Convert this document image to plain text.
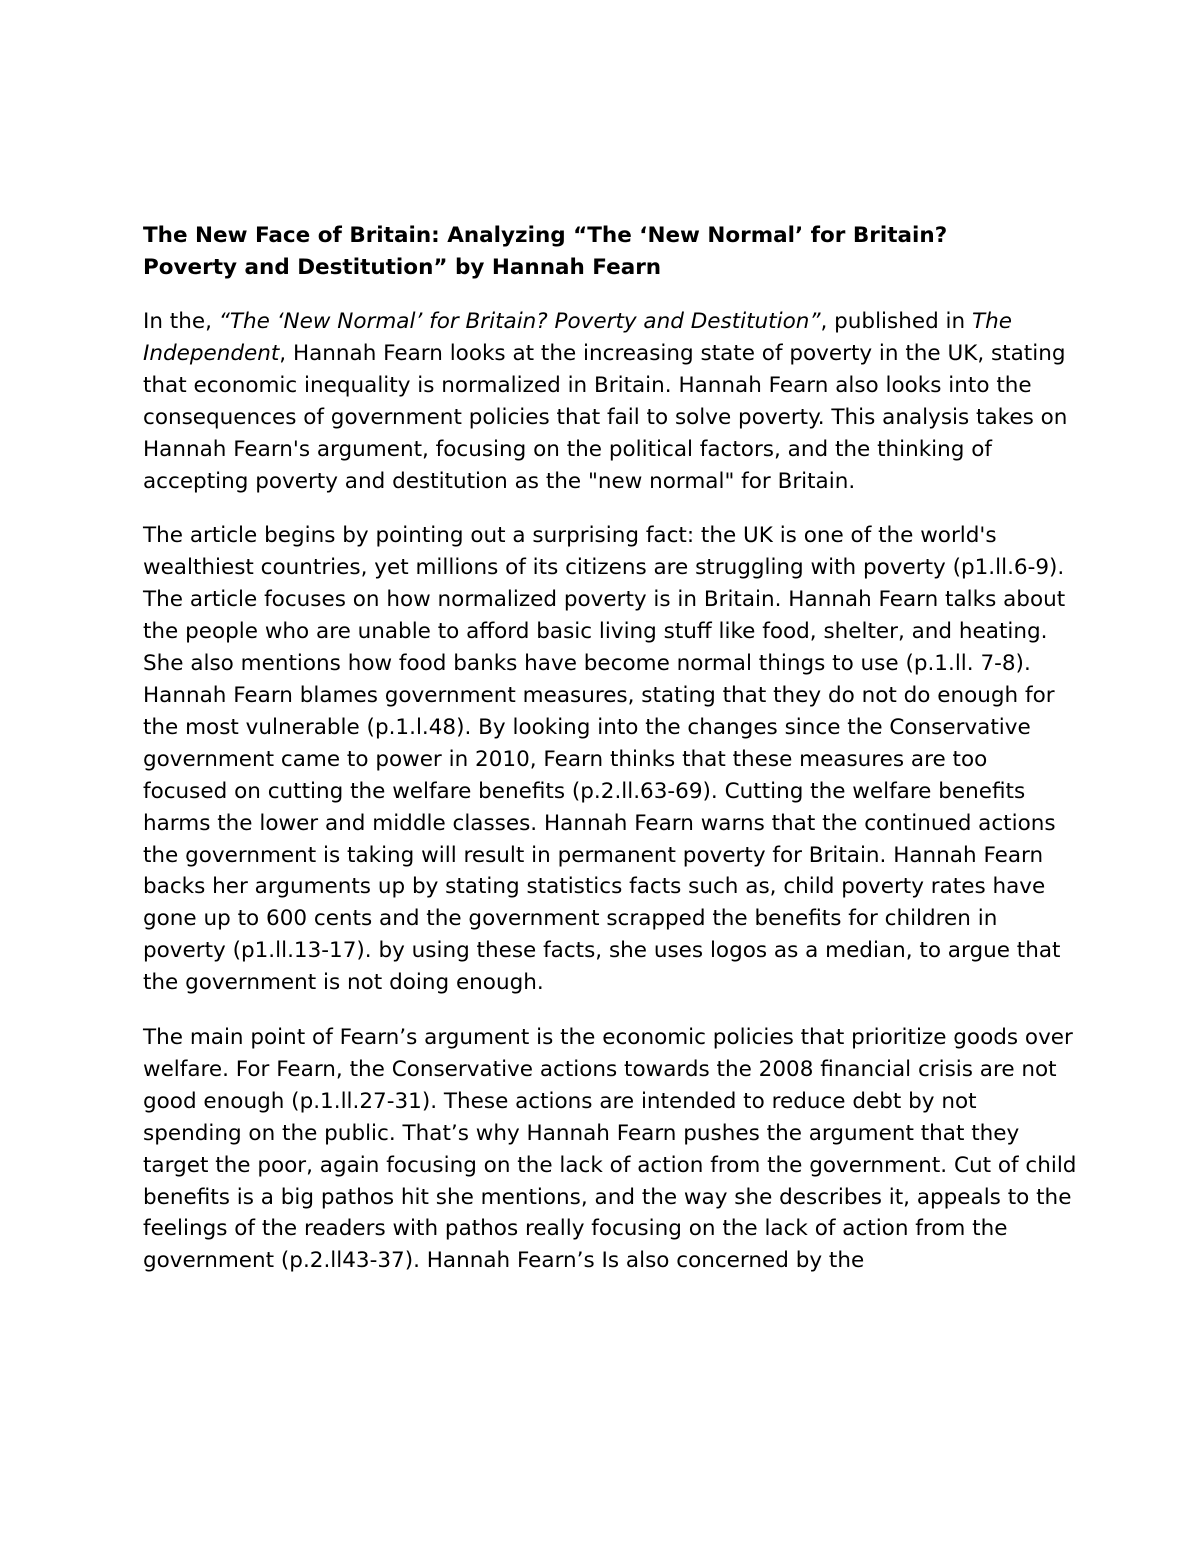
The New Face of Britain: Analyzing “The ‘New Normal’ for Britain?
Poverty and Destitution” by Hannah Fearn

In the, “The ‘New Normal’ for Britain? Poverty and Destitution”, published in The Independent, Hannah Fearn looks at the increasing state of poverty in the UK, stating that economic inequality is normalized in Britain. Hannah Fearn also looks into the consequences of government policies that fail to solve poverty. This analysis takes on Hannah Fearn's argument, focusing on the political factors, and the thinking of accepting poverty and destitution as the "new normal" for Britain.

The article begins by pointing out a surprising fact: the UK is one of the world's wealthiest countries, yet millions of its citizens are struggling with poverty (p1.ll.6-9). The article focuses on how normalized poverty is in Britain. Hannah Fearn talks about the people who are unable to afford basic living stuff like food, shelter, and heating. She also mentions how food banks have become normal things to use (p.1.ll. 7-8). Hannah Fearn blames government measures, stating that they do not do enough for the most vulnerable (p.1.l.48). By looking into the changes since the Conservative government came to power in 2010, Fearn thinks that these measures are too focused on cutting the welfare benefits (p.2.ll.63-69). Cutting the welfare benefits harms the lower and middle classes. Hannah Fearn warns that the continued actions the government is taking will result in permanent poverty for Britain. Hannah Fearn backs her arguments up by stating statistics facts such as, child poverty rates have gone up to 600 cents and the government scrapped the benefits for children in poverty (p1.ll.13-17). by using these facts, she uses logos as a median, to argue that the government is not doing enough.

The main point of Fearn’s argument is the economic policies that prioritize goods over welfare. For Fearn, the Conservative actions towards the 2008 financial crisis are not good enough (p.1.ll.27-31). These actions are intended to reduce debt by not spending on the public. That’s why Hannah Fearn pushes the argument that they target the poor, again focusing on the lack of action from the government. Cut of child benefits is a big pathos hit she mentions, and the way she describes it, appeals to the feelings of the readers with pathos really focusing on the lack of action from the government (p.2.ll43-37). Hannah Fearn’s Is also concerned by the
